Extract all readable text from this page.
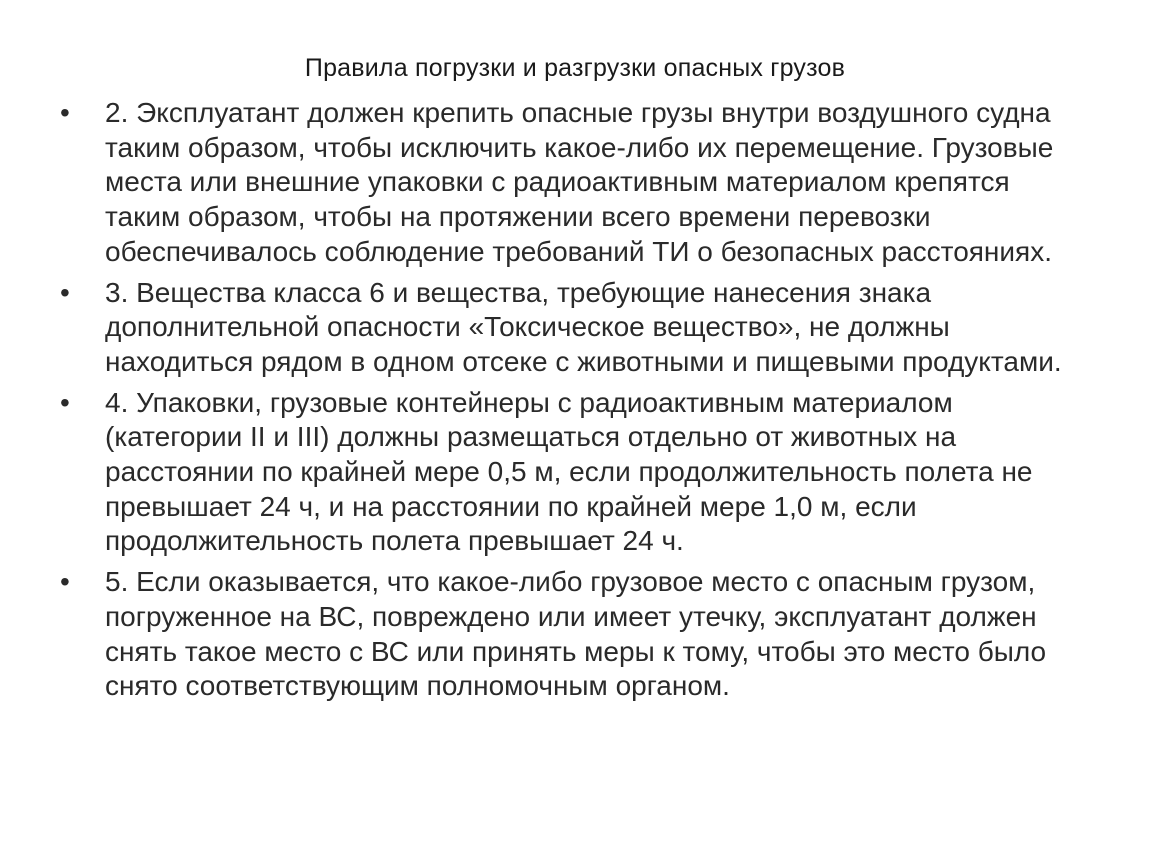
Правила погрузки и разгрузки опасных грузов
•	2. Эксплуатант должен крепить опасные грузы внутри воздушного судна таким образом, чтобы исключить какое-либо их перемещение. Грузовые места или внешние упаковки с радиоактивным материалом крепятся таким образом, чтобы на протяжении всего времени перевозки обеспечивалось соблюдение требований ТИ о безопасных расстояниях.
•	3. Вещества класса 6 и вещества, требующие нанесения знака дополнительной опасности «Токсическое вещество», не должны находиться рядом в одном отсеке с животными и пищевыми продуктами.
•	4. Упаковки, грузовые контейнеры с радиоактивным материалом (категории II и III) должны размещаться отдельно от животных на расстоянии по крайней мере 0,5 м, если продолжительность полета не превышает 24 ч, и на расстоянии по крайней мере 1,0 м, если продолжительность полета превышает 24 ч.
•	5. Если оказывается, что какое-либо грузовое место с опасным грузом, погруженное на ВС, повреждено или имеет утечку, эксплуатант должен снять такое место с ВС или принять меры к тому, чтобы это место было снято соответствующим полномочным органом.
